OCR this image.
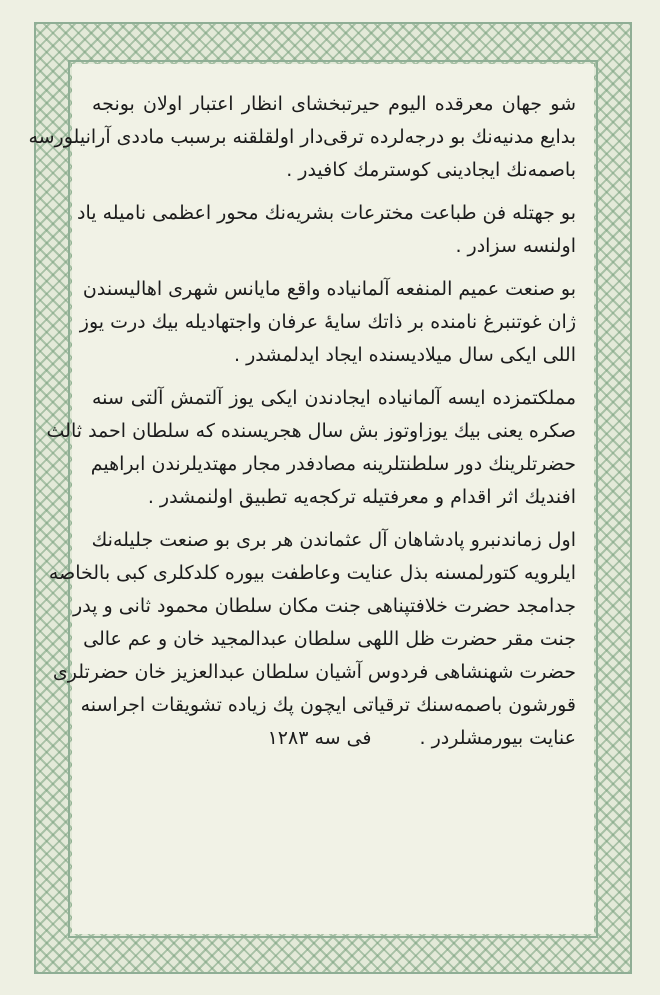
شو جهان معرقده اليوم حيرتبخشای انظار اعتبار اولان بونجه

بدايع مدنيه‌نك بو درجه‌لرده ترقی‌دار اولقلقنه برسبب ماددی آرانيلورسه

باصمه‌نك ايجادينی كوسترمك كافيدر .

بو جهتله فن طباعت مخترعات بشريه‌نك محور اعظمی ناميله ياد

اولنسه سزادر .

بو صنعت عميم المنفعه آلمانياده واقع مايانس شهری اهاليسندن

ژان غوتنبرغ نامنده بر ذاتك سايۀ عرفان واجتهاديله بيك درت يوز

اللی ايكی سال ميلاديسنده ايجاد ايدلمشدر .

مملكتمزده ايسه آلمانياده ايجادندن ايكی يوز آلتمش آلتی سنه

صكره يعنی بيك يوزاوتوز بش سال هجريسنده كه سلطان احمد ثالث

حضرتلرينك دور سلطنتلرينه مصادفدر مجار مهتديلرندن ابراهيم

افنديك اثر اقدام و معرفتيله تركجه‌يه تطبيق اولنمشدر .

اول زماندنبرو پادشاهان آل عثماندن هر بری بو صنعت جليله‌نك

ايلرويه كتورلمسنه بذل عنايت وعاطفت بيوره كلدكلری كبی بالخاصه

جدامجد حضرت خلافتپناهی جنت مكان سلطان محمود ثانی و پدر

جنت مقر حضرت ظل اللهی سلطان عبدالمجيد خان و عم عالی

حضرت شهنشاهی فردوس آشيان سلطان عبدالعزيز خان حضرتلری

قورشون باصمه‌سنك ترقياتی ايچون پك زياده تشويقات اجراسنه

عنايت بيورمشلردر .
فی سه ١٢٨٣
